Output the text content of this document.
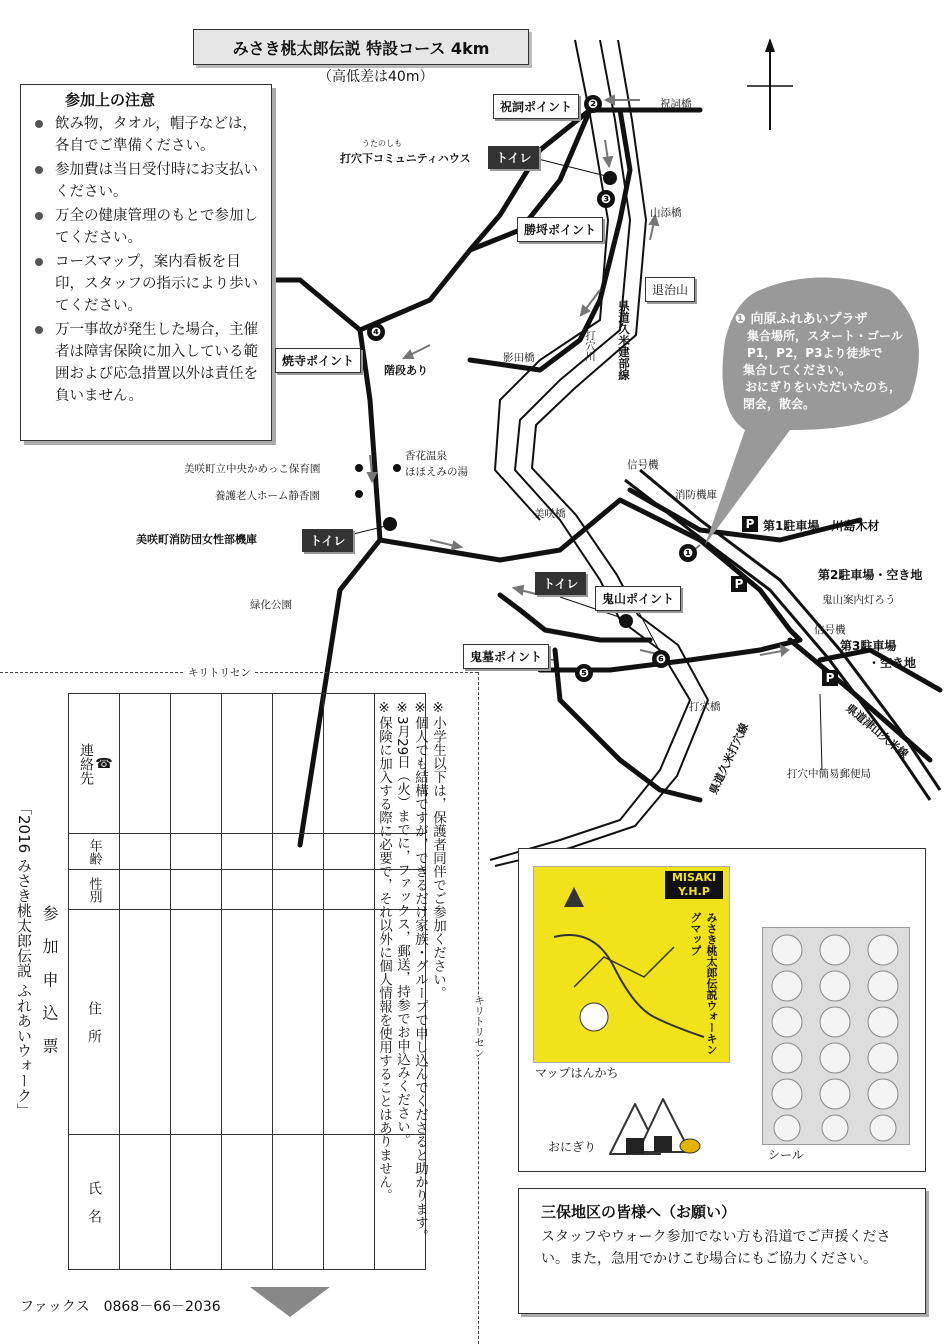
みさき桃太郎伝説 特設コース 4km
（高低差は40m）
参加上の注意
飲み物，タオル，帽子などは，各自でご準備ください。
参加費は当日受付時にお支払いください。
万全の健康管理のもとで参加してください。
コースマップ，案内看板を目印，スタッフの指示により歩いてください。
万一事故が発生した場合，主催者は障害保険に加入している範囲および応急措置以外は責任を負いません。
祝詞ポイント	❷	祝詞橋
うたのしも
打穴下コミュニティハウス	トイレ
❸
山添橋
勝埒ポイント
退治山
❹
焼寺ポイント
階段あり
影田橋	打穴川 県道久米建部線
信号機
香花温泉
ほほえみの湯
美咲町立中央かめっこ保育園
養護老人ホーム静香園	消防機庫
美咲橋
美咲町消防団女性部機庫	トイレ
P 第1駐車場　川島木材
❶
P
第2駐車場・空き地
トイレ
鬼山案内灯ろう
緑化公園	鬼山ポイント
信号機
第3駐車場
・空き地
鬼墓ポイント	❻
❺	P
打穴橋	県道津山久米線
県道久米打穴線	打穴中簡易郵便局
❶ 向原ふれあいプラザ
集合場所，スタート・ゴール
P1，P2，P3より徒歩で
集合してください。
おにぎりをいただいたのち，
閉会，散会。
キリトリセン
キリトリセン
「2016 みさき桃太郎伝説 ふれあいウォーク」 参 加 申 込 票
☎
連絡先						

年齢						

性別						

住　所						

氏　名						

※小学生以下は，保護者同伴でご参加ください。
※個人でも結構ですが，できるだけ家族・グループで申し込んでくださると助かります。
※3月29日（火）までに，ファックス，郵送，持参でお申込みください。
※保険に加入する際に必要で，それ以外に個人情報を使用することはありません。
ファックス　0868－66－2036
MISAKI
Y.H.P
みさき桃太郎伝説ウォーキングマップ
マップはんかち
おにぎり
シール
三保地区の皆様へ（お願い）

スタッフやウォーク参加でない方も沿道でご声援ください。また，急用でかけこむ場合にもご協力ください。
